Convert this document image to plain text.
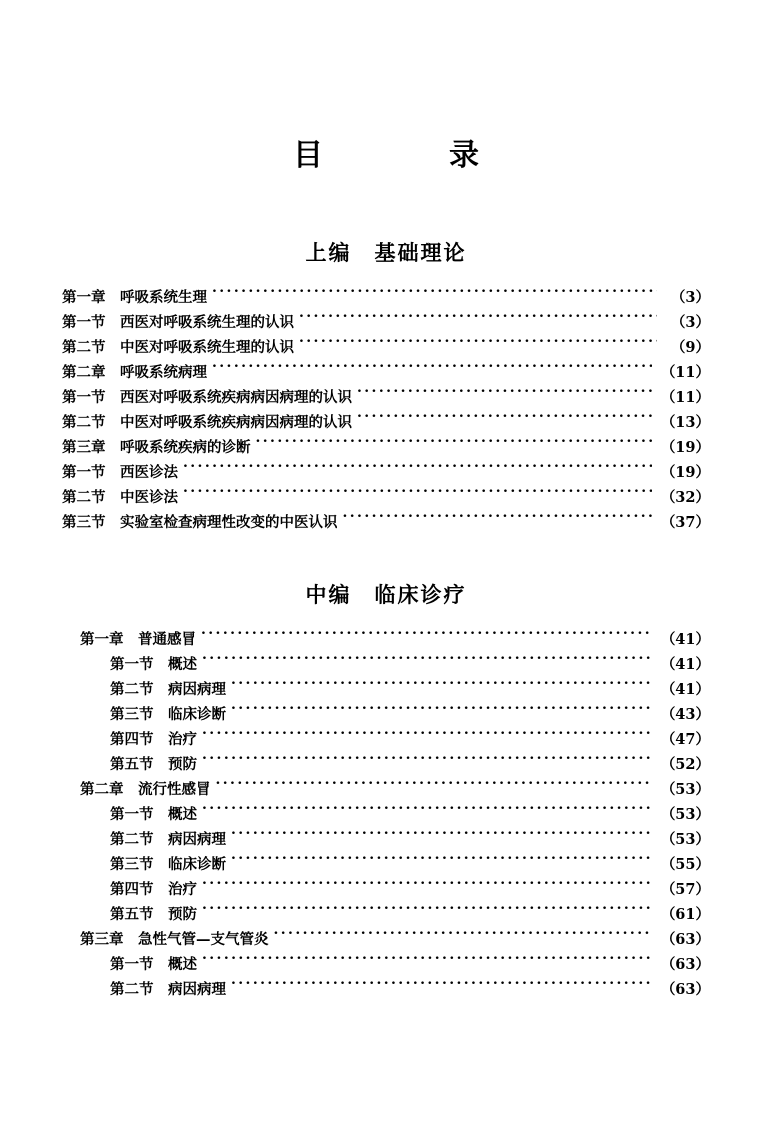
目　　录
上编　基础理论
第一章　呼吸系统生理 .....	（3）
第一节　西医对呼吸系统生理的认识 .....	（3）
第二节　中医对呼吸系统生理的认识 .....	（9）
第二章　呼吸系统病理 .....	（11）
第一节　西医对呼吸系统疾病病因病理的认识 .....	（11）
第二节　中医对呼吸系统疾病病因病理的认识 .....	（13）
第三章　呼吸系统疾病的诊断 .....	（19）
第一节　西医诊法 .....	（19）
第二节　中医诊法 .....	（32）
第三节　实验室检查病理性改变的中医认识 .....	（37）
中编　临床诊疗
第一章　普通感冒 .....	（41）
第一节　概述 .....	（41）
第二节　病因病理 .....	（41）
第三节　临床诊断 .....	（43）
第四节　治疗 .....	（47）
第五节　预防 .....	（52）
第二章　流行性感冒 .....	（53）
第一节　概述 .....	（53）
第二节　病因病理 .....	（53）
第三节　临床诊断 .....	（55）
第四节　治疗 .....	（57）
第五节　预防 .....	（61）
第三章　急性气管—支气管炎 .....	（63）
第一节　概述 .....	（63）
第二节　病因病理 .....	（63）
